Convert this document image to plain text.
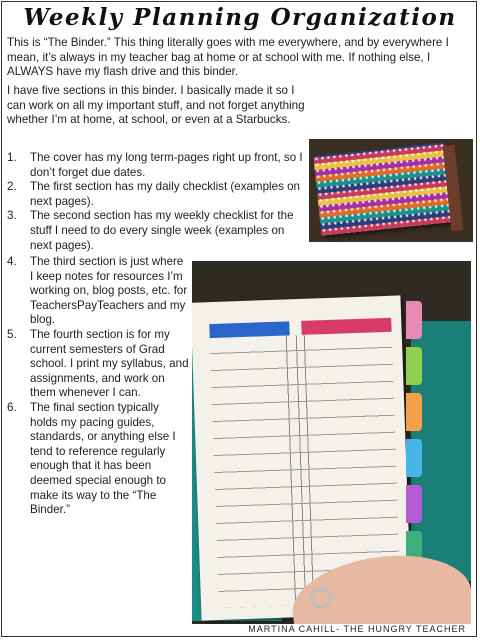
Weekly Planning Organization

This is “The Binder.” This thing literally goes with me everywhere, and by everywhere I mean, it’s always in my teacher bag at home or at school with me. If nothing else, I ALWAYS have my flash drive and this binder.

I have five sections in this binder. I basically made it so I can work on all my important stuff, and not forget anything whether I’m at home, at school, or even at a Starbucks.

1. The cover has my long term-pages right up front, so I don’t forget due dates.
2. The first section has my daily checklist (examples on next pages).
3. The second section has my weekly checklist for the stuff I need to do every single week (examples on next pages).
4. The third section is just where I keep notes for resources I’m working on, blog posts, etc. for TeachersPayTeachers and my blog.
5. The fourth section is for my current semesters of Grad school. I print my syllabus, and assignments, and work on them whenever I can.
6. The final section typically holds my pacing guides, standards, or anything else I tend to reference regularly enough that it has been deemed special enough to make its way to the “The Binder.”
MARTINA CAHILL- THE HUNGRY TEACHER
